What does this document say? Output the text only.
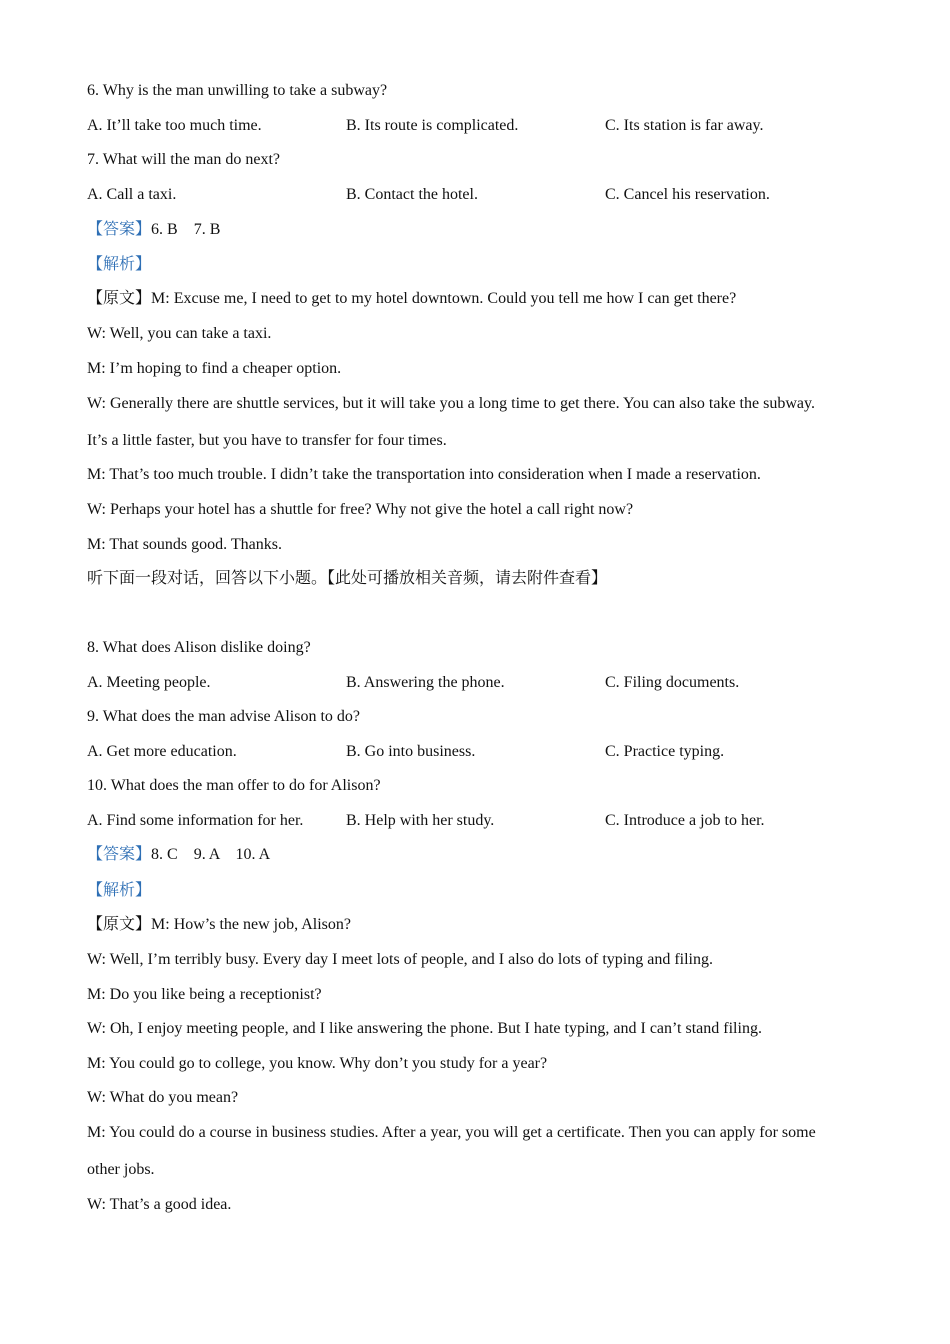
6. Why is the man unwilling to take a subway?
A. It’ll take too much time.	B. Its route is complicated.	C. Its station is far away.
7. What will the man do next?
A. Call a taxi.	B. Contact the hotel.	C. Cancel his reservation.
【答案】6. B    7. B
【解析】
【原文】M: Excuse me, I need to get to my hotel downtown. Could you tell me how I can get there?
W: Well, you can take a taxi.
M: I’m hoping to find a cheaper option.
W: Generally there are shuttle services, but it will take you a long time to get there. You can also take the subway.
It’s a little faster, but you have to transfer for four times.
M: That’s too much trouble. I didn’t take the transportation into consideration when I made a reservation.
W: Perhaps your hotel has a shuttle for free? Why not give the hotel a call right now?
M: That sounds good. Thanks.
听下面一段对话，回答以下小题。【此处可播放相关音频，请去附件查看】
8. What does Alison dislike doing?
A. Meeting people.	B. Answering the phone.	C. Filing documents.
9. What does the man advise Alison to do?
A. Get more education.	B. Go into business.	C. Practice typing.
10. What does the man offer to do for Alison?
A. Find some information for her.	B. Help with her study.	C. Introduce a job to her.
【答案】8. C    9. A    10. A
【解析】
【原文】M: How’s the new job, Alison?
W: Well, I’m terribly busy. Every day I meet lots of people, and I also do lots of typing and filing.
M: Do you like being a receptionist?
W: Oh, I enjoy meeting people, and I like answering the phone. But I hate typing, and I can’t stand filing.
M: You could go to college, you know. Why don’t you study for a year?
W: What do you mean?
M: You could do a course in business studies. After a year, you will get a certificate. Then you can apply for some
other jobs.
W: That’s a good idea.
